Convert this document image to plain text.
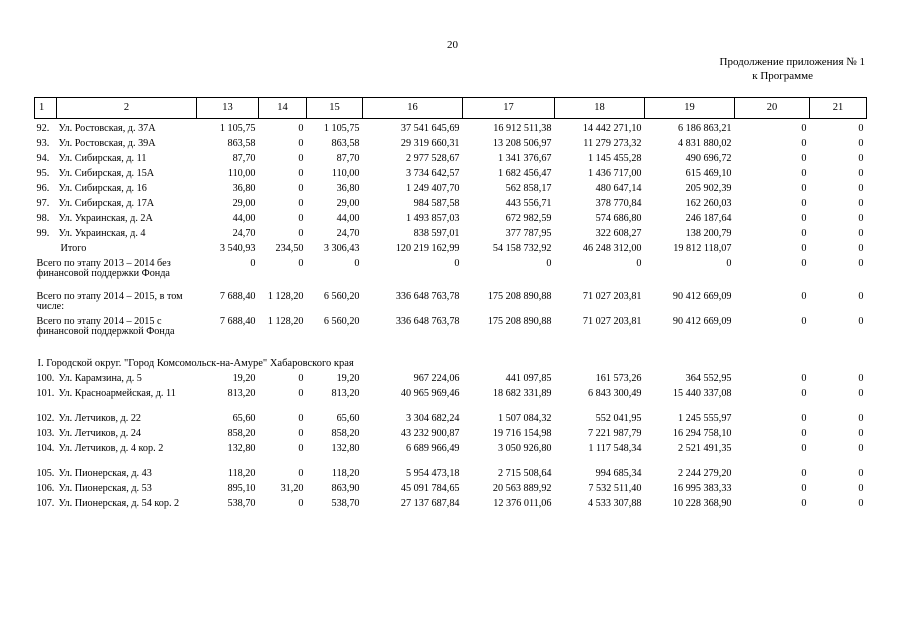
20
Продолжение приложения № 1

к Программе
1	2	13	14	15	16	17	18	19	20	21
92. Ул. Ростовская, д. 37А		1 105,75	0	1 105,75	37 541 645,69	16 912 511,38	14 442 271,10	6 186 863,21	0	0
93. Ул. Ростовская, д. 39А		863,58	0	863,58	29 319 660,31	13 208 506,97	11 279 273,32	4 831 880,02	0	0
94. Ул. Сибирская, д. 11		87,70	0	87,70	2 977 528,67	1 341 376,67	1 145 455,28	490 696,72	0	0
95. Ул. Сибирская, д. 15А		110,00	0	110,00	3 734 642,57	1 682 456,47	1 436 717,00	615 469,10	0	0
96. Ул. Сибирская, д. 16		36,80	0	36,80	1 249 407,70	562 858,17	480 647,14	205 902,39	0	0
97. Ул. Сибирская, д. 17А		29,00	0	29,00	984 587,58	443 556,71	378 770,84	162 260,03	0	0
98. Ул. Украинская, д. 2А		44,00	0	44,00	1 493 857,03	672 982,59	574 686,80	246 187,64	0	0
99. Ул. Украинская, д. 4		24,70	0	24,70	838 597,01	377 787,95	322 608,27	138 200,79	0	0
Итого		3 540,93	234,50	3 306,43	120 219 162,99	54 158 732,92	46 248 312,00	19 812 118,07	0	0
Всего по этапу 2013 – 2014 без финансовой поддержки Фонда		0	0	0	0	0	0	0	0	0
Всего по этапу 2014 – 2015, в том числе:		7 688,40	1 128,20	6 560,20	336 648 763,78	175 208 890,88	71 027 203,81	90 412 669,09	0	0
Всего по этапу 2014 – 2015 с финансовой поддержкой Фонда		7 688,40	1 128,20	6 560,20	336 648 763,78	175 208 890,88	71 027 203,81	90 412 669,09	0	0
I. Городской округ. "Город Комсомольск-на-Амуре" Хабаровского края										
100. Ул. Карамзина, д. 5		19,20	0	19,20	967 224,06	441 097,85	161 573,26	364 552,95	0	0
101. Ул. Красноармейская, д. 11		813,20	0	813,20	40 965 969,46	18 682 331,89	6 843 300,49	15 440 337,08	0	0
102. Ул. Летчиков, д. 22		65,60	0	65,60	3 304 682,24	1 507 084,32	552 041,95	1 245 555,97	0	0
103. Ул. Летчиков, д. 24		858,20	0	858,20	43 232 900,87	19 716 154,98	7 221 987,79	16 294 758,10	0	0
104. Ул. Летчиков, д. 4 кор. 2		132,80	0	132,80	6 689 966,49	3 050 926,80	1 117 548,34	2 521 491,35	0	0
105. Ул. Пионерская, д. 43		118,20	0	118,20	5 954 473,18	2 715 508,64	994 685,34	2 244 279,20	0	0
106. Ул. Пионерская, д. 53		895,10	31,20	863,90	45 091 784,65	20 563 889,92	7 532 511,40	16 995 383,33	0	0
107. Ул. Пионерская, д. 54 кор. 2		538,70	0	538,70	27 137 687,84	12 376 011,06	4 533 307,88	10 228 368,90	0	0
